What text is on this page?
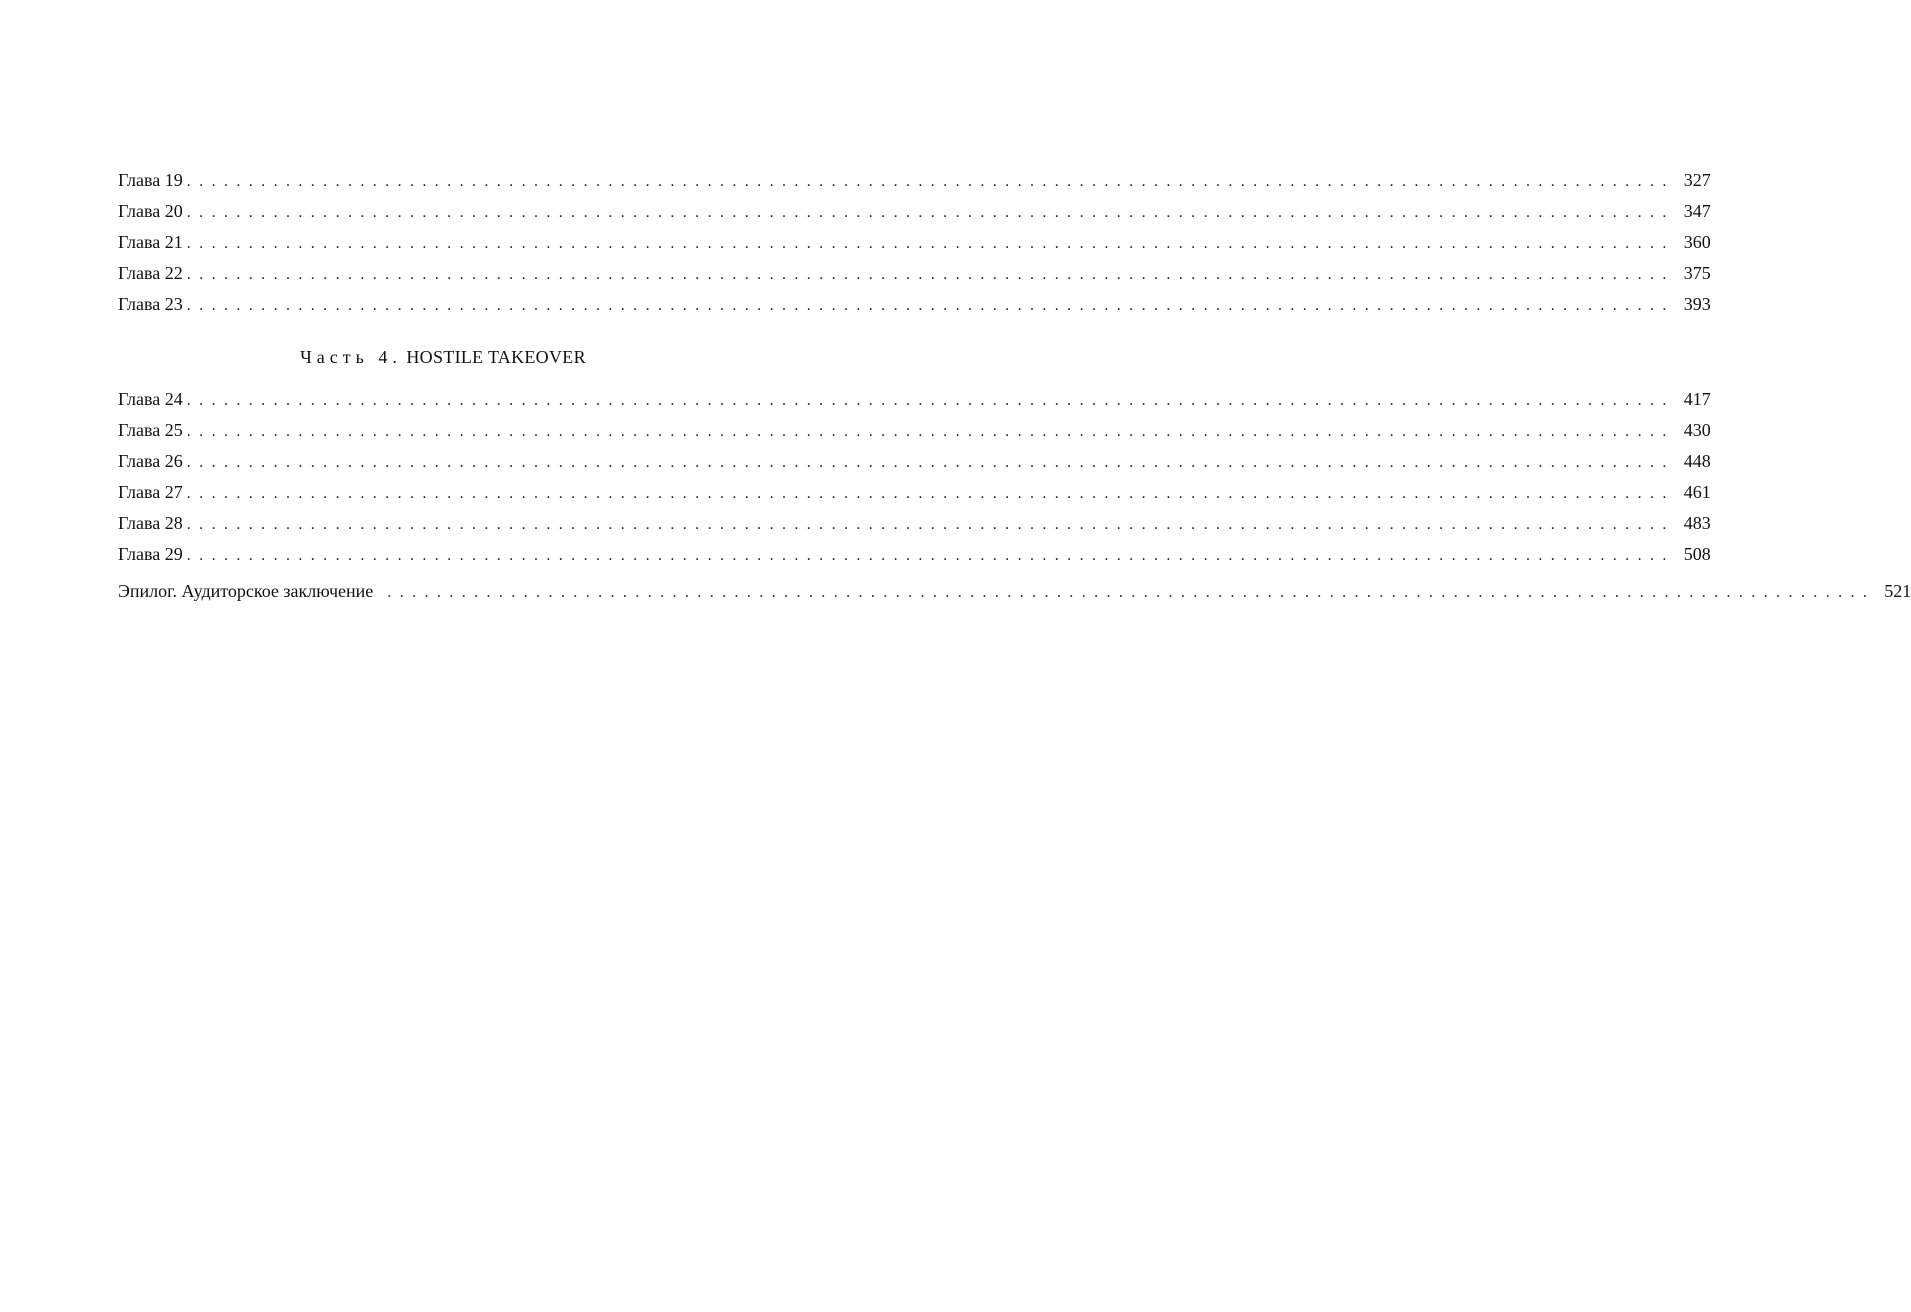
Глава 19 ........................................................................................................................ 327
Глава 20 ........................................................................................................................ 347
Глава 21 ........................................................................................................................ 360
Глава 22 ........................................................................................................................ 375
Глава 23 ........................................................................................................................ 393
Часть 4. HOSTILE TAKEOVER
Глава 24 ........................................................................................................................ 417
Глава 25 ........................................................................................................................ 430
Глава 26 ........................................................................................................................ 448
Глава 27 ........................................................................................................................ 461
Глава 28 ........................................................................................................................ 483
Глава 29 ........................................................................................................................ 508
Эпилог. Аудиторское заключение ........................................................................................................................ 521
